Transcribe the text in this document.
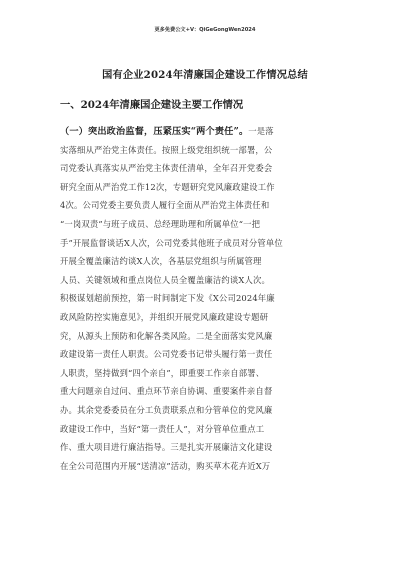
更多免费公文+V：QiGeGongWen2024
国有企业2024年清廉国企建设工作情况总结
一、2024年清廉国企建设主要工作情况
（一）突出政治监督，压紧压实“两个责任”。一是落
实落细从严治党主体责任。按照上级党组织统一部署，公
司党委认真落实从严治党主体责任清单，全年召开党委会
研究全面从严治党工作12次，专题研究党风廉政建设工作
4次。公司党委主要负责人履行全面从严治党主体责任和
“一岗双责”与班子成员、总经理助理和所属单位“一把
手”开展监督谈话X人次，公司党委其他班子成员对分管单位
开展全覆盖廉洁约谈X人次，各基层党组织与所属管理
人员、关键领域和重点岗位人员全覆盖廉洁约谈X人次。
积极谋划超前预控，第一时间制定下发《X公司2024年廉
政风险防控实施意见》，并组织开展党风廉政建设专题研
究，从源头上预防和化解各类风险。二是全面落实党风廉
政建设第一责任人职责。公司党委书记带头履行第一责任
人职责，坚持做到“四个亲自”，即重要工作亲自部署、
重大问题亲自过问、重点环节亲自协调、重要案件亲自督
办。其余党委委员在分工负责联系点和分管单位的党风廉
政建设工作中，当好“第一责任人”，对分管单位重点工
作、重大项目进行廉洁指导。三是扎实开展廉洁文化建设
在全公司范围内开展“送清凉”活动，购买草木花卉近X万
